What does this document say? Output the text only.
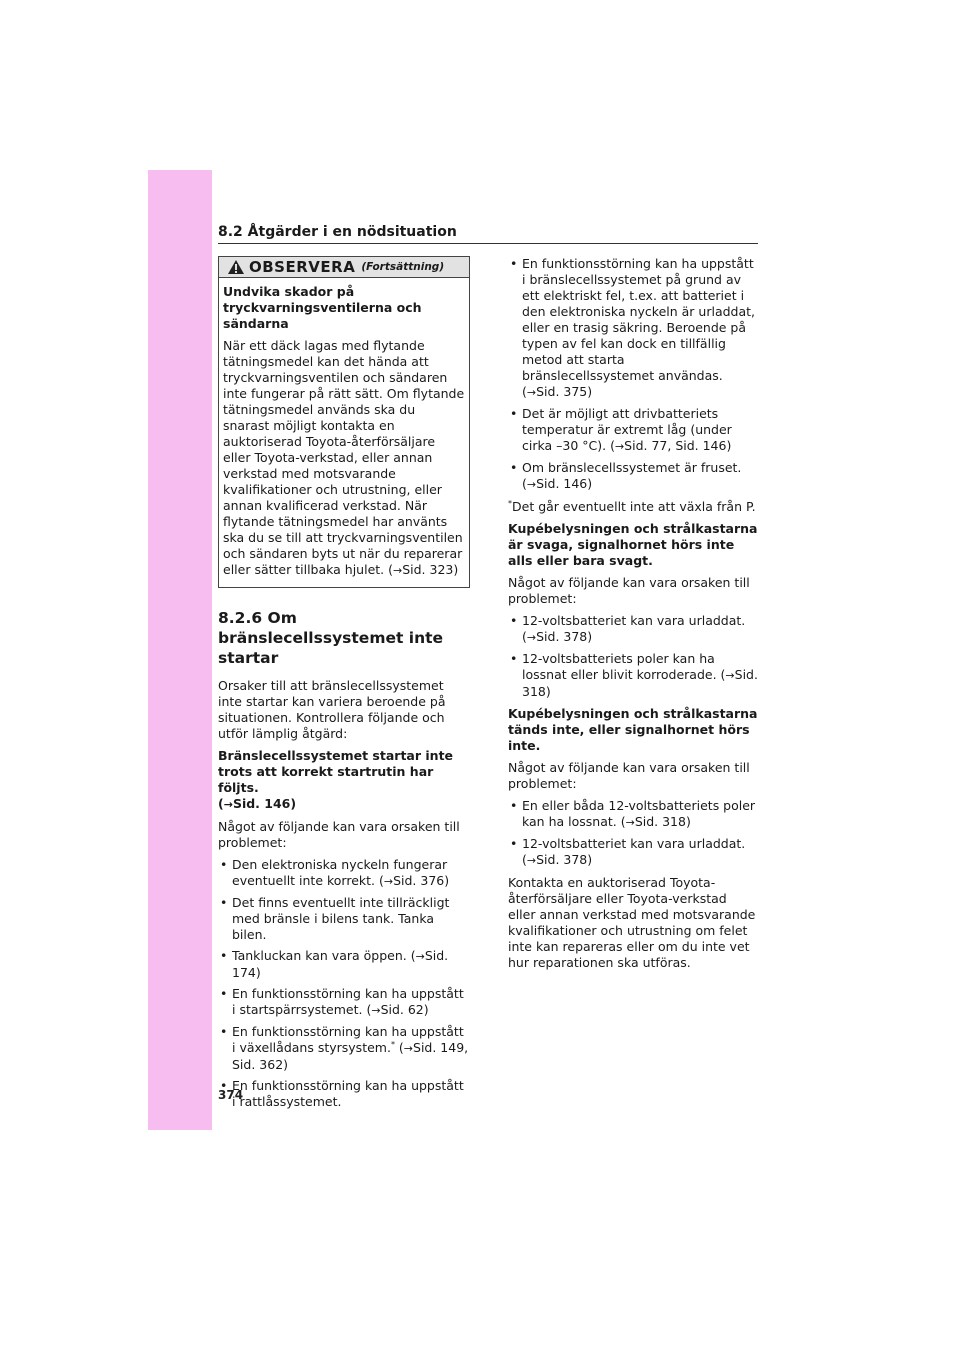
8.2 Åtgärder i en nödsituation
OBSERVERA (Fortsättning)
Undvika skador på tryckvarningsventilerna och sändarna
När ett däck lagas med flytande tätningsmedel kan det hända att tryckvarningsventilen och sändaren inte fungerar på rätt sätt. Om flytande tätningsmedel används ska du snarast möjligt kontakta en auktoriserad Toyota-återförsäljare eller Toyota-verkstad, eller annan verkstad med motsvarande kvalifikationer och utrustning, eller annan kvalificerad verkstad. När flytande tätningsmedel har använts ska du se till att tryckvarningsventilen och sändaren byts ut när du reparerar eller sätter tillbaka hjulet. (→Sid. 323)
8.2.6 Om bränslecellssystemet inte startar

Orsaker till att bränslecellssystemet inte startar kan variera beroende på situationen. Kontrollera följande och utför lämplig åtgärd:

Bränslecellssystemet startar inte trots att korrekt startrutin har följts.
(→Sid. 146)

Något av följande kan vara orsaken till problemet:

• Den elektroniska nyckeln fungerar eventuellt inte korrekt. (→Sid. 376)
• Det finns eventuellt inte tillräckligt med bränsle i bilens tank. Tanka bilen.
• Tankluckan kan vara öppen. (→Sid. 174)
• En funktionsstörning kan ha uppstått i startspärrsystemet. (→Sid. 62)
• En funktionsstörning kan ha uppstått i växellådans styrsystem.* (→Sid. 149, Sid. 362)
• En funktionsstörning kan ha uppstått i rattlåssystemet.
• En funktionsstörning kan ha uppstått i bränslecellssystemet på grund av ett elektriskt fel, t.ex. att batteriet i den elektroniska nyckeln är urladdat, eller en trasig säkring. Beroende på typen av fel kan dock en tillfällig metod att starta bränslecellssystemet användas. (→Sid. 375)
• Det är möjligt att drivbatteriets temperatur är extremt låg (under cirka –30 °C). (→Sid. 77, Sid. 146)
• Om bränslecellssystemet är fruset. (→Sid. 146)

*Det går eventuellt inte att växla från P.

Kupébelysningen och strålkastarna är svaga, signalhornet hörs inte alls eller bara svagt.

Något av följande kan vara orsaken till problemet:

• 12-voltsbatteriet kan vara urladdat. (→Sid. 378)
• 12-voltsbatteriets poler kan ha lossnat eller blivit korroderade. (→Sid. 318)

Kupébelysningen och strålkastarna tänds inte, eller signalhornet hörs inte.

Något av följande kan vara orsaken till problemet:

• En eller båda 12-voltsbatteriets poler kan ha lossnat. (→Sid. 318)
• 12-voltsbatteriet kan vara urladdat. (→Sid. 378)

Kontakta en auktoriserad Toyota-återförsäljare eller Toyota-verkstad eller annan verkstad med motsvarande kvalifikationer och utrustning om felet inte kan repareras eller om du inte vet hur reparationen ska utföras.

374
